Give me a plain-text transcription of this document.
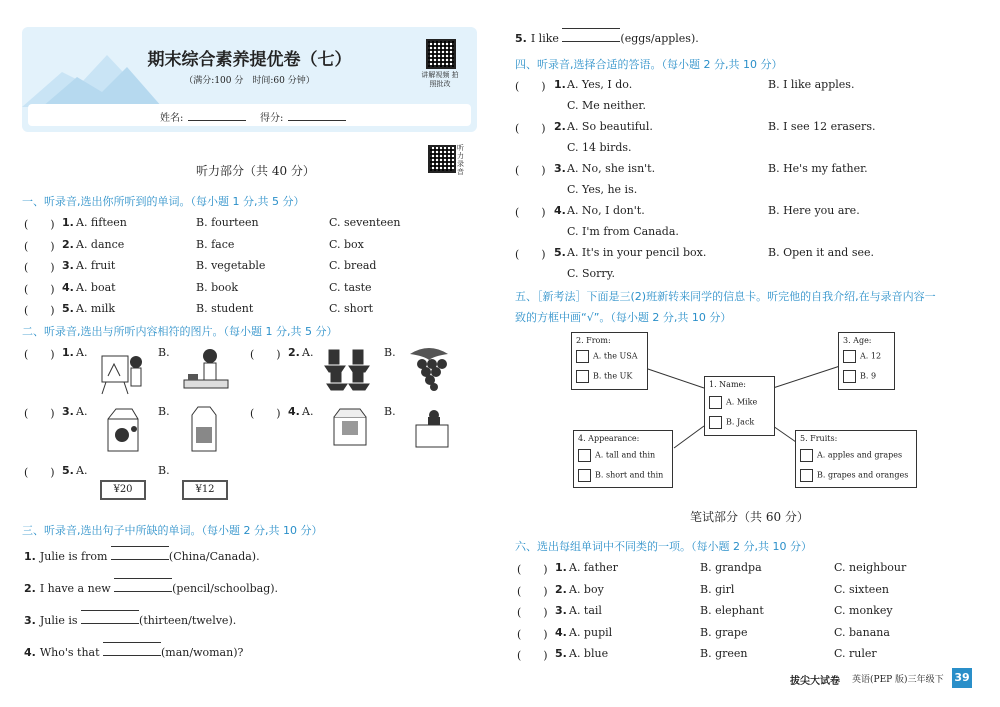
期末综合素养提优卷（七）
（满分:100 分　时间:60 分钟）
姓名:	得分:
讲解视频 拍照批改
听力部分（共 40 分）
听力录音
一、听录音,选出你所听到的单词。（每小题 1 分,共 5 分）
(　　) 1. A. fifteen	B. fourteen	C. seventeen
(　　) 2. A. dance	B. face	C. box
(　　) 3. A. fruit	B. vegetable	C. bread
(　　) 4. A. boat	B. book	C. taste
(　　) 5. A. milk	B. student	C. short
二、听录音,选出与所听内容相符的图片。（每小题 1 分,共 5 分）
(　　) 1. A.	B.	(　　) 2. A.	B.
(　　) 3. A.	B.	(　　) 4. A.	B.
(　　) 5. A.	B.
¥20	¥12
三、听录音,选出句子中所缺的单词。（每小题 2 分,共 10 分）
1. Julie is from	(China/Canada).
2. I have a new	(pencil/schoolbag).
3. Julie is	(thirteen/twelve).
4. Who's that	(man/woman)?
5. I like	(eggs/apples).
四、听录音,选择合适的答语。（每小题 2 分,共 10 分）
(　　) 1. A. Yes, I do.	B. I like apples.
C. Me neither.
(　　) 2. A. So beautiful.	B. I see 12 erasers.
C. 14 birds.
(　　) 3. A. No, she isn't.	B. He's my father.
C. Yes, he is.
(　　) 4. A. No, I don't.	B. Here you are.
C. I'm from Canada.
(　　) 5. A. It's in your pencil box.	B. Open it and see.
C. Sorry.
五、［新考法］下面是三(2)班新转来同学的信息卡。听完他的自我介绍,在与录音内容一
致的方框中画“√”。（每小题 2 分,共 10 分）
2. From:
A. the USA
B. the UK
3. Age:
A. 12
B. 9
1. Name:
A. Mike
B. Jack
4. Appearance:
A. tall and thin
B. short and thin
5. Fruits:
A. apples and grapes
B. grapes and oranges
笔试部分（共 60 分）
六、选出每组单词中不同类的一项。（每小题 2 分,共 10 分）
(　　) 1. A. father	B. grandpa	C. neighbour
(　　) 2. A. boy	B. girl	C. sixteen
(　　) 3. A. tail	B. elephant	C. monkey
(　　) 4. A. pupil	B. grape	C. banana
(　　) 5. A. blue	B. green	C. ruler
拔尖大试卷 英语(PEP 版)三年级下 39
